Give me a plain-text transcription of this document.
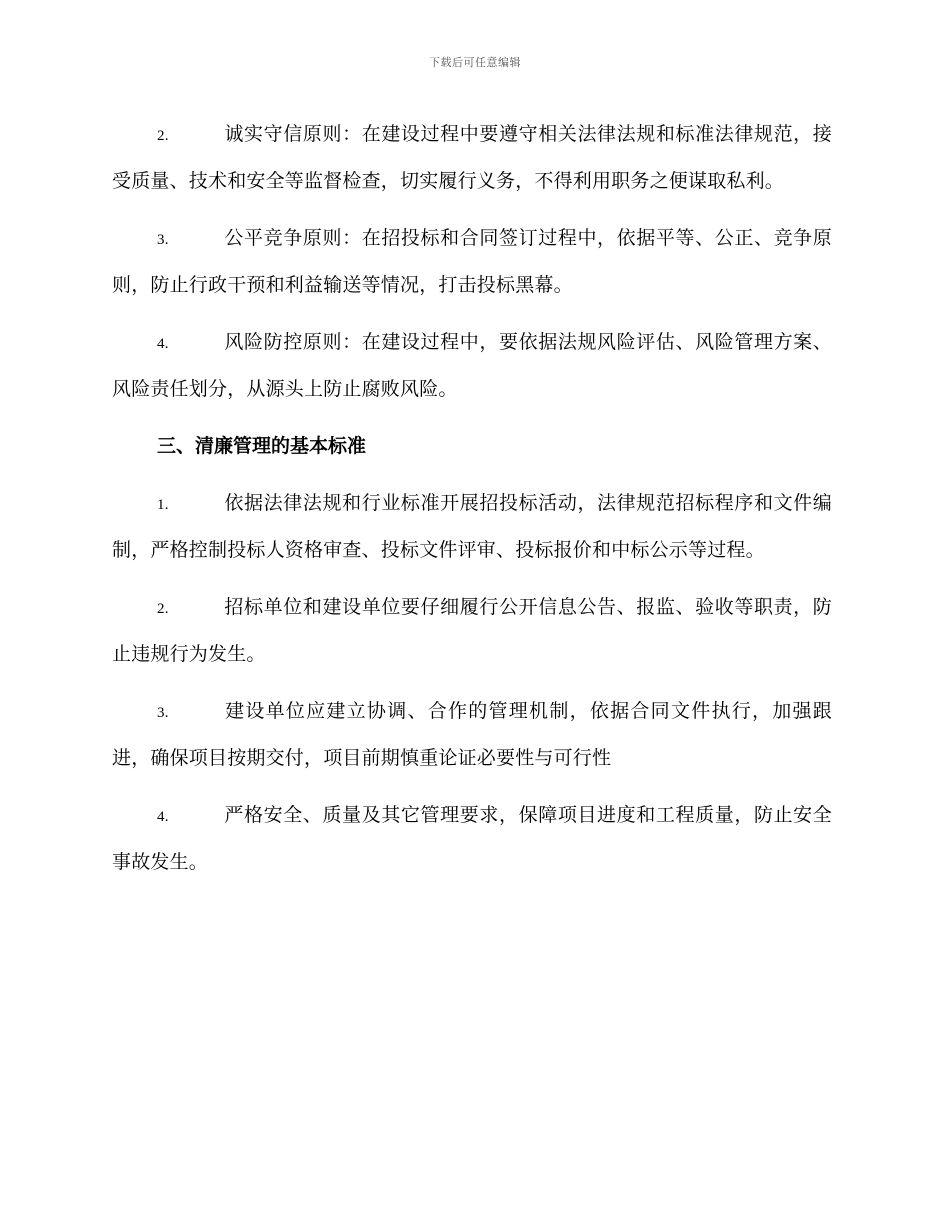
下载后可任意编辑

2.	诚实守信原则：在建设过程中要遵守相关法律法规和标准法律规范，接受质量、技术和安全等监督检查，切实履行义务，不得利用职务之便谋取私利。

3.	公平竞争原则：在招投标和合同签订过程中，依据平等、公正、竞争原则，防止行政干预和利益输送等情况，打击投标黑幕。

4.	风险防控原则：在建设过程中，要依据法规风险评估、风险管理方案、风险责任划分，从源头上防止腐败风险。

三、清廉管理的基本标准

1.	依据法律法规和行业标准开展招投标活动，法律规范招标程序和文件编制，严格控制投标人资格审查、投标文件评审、投标报价和中标公示等过程。

2.	招标单位和建设单位要仔细履行公开信息公告、报监、验收等职责，防止违规行为发生。

3.	建设单位应建立协调、合作的管理机制，依据合同文件执行，加强跟进，确保项目按期交付，项目前期慎重论证必要性与可行性

4.	严格安全、质量及其它管理要求，保障项目进度和工程质量，防止安全事故发生。
